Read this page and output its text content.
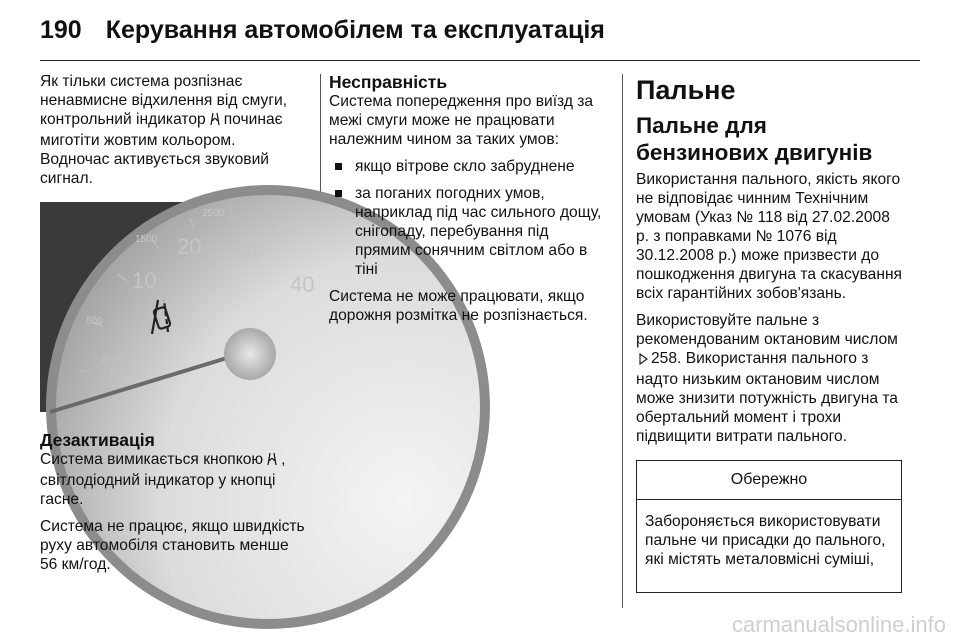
190 Керування автомобілем та експлуатація

Як тільки система розпізнає ненавмисне відхилення від смуги, контрольний індикатор починає миготіти жовтим кольором. Водночас активується звуковий сигнал.

10
20 30
40
500
1500
2500
3500
AUTO
STOP
4/4
Дезактивація

Система вимикається кнопкою , світлодіодний індикатор у кнопці гасне.

Система не працює, якщо швидкість руху автомобіля становить менше 56 км/год.

Несправність

Система попередження про виїзд за межі смуги може не працювати належним чином за таких умов:

якщо вітрове скло забруднене
за поганих погодних умов, наприклад під час сильного дощу, снігопаду, перебування під прямим сонячним світлом або в тіні

Система не може працювати, якщо дорожня розмітка не розпізнається.

Пальне
Пальне для бензинових двигунів

Використання пального, якість якого не відповідає чинним Технічним умовам (Указ № 118 від 27.02.2008 р. з поправками № 1076 від 30.12.2008 р.) може призвести до пошкодження двигуна та скасування всіх гарантійних зобов'язань.

Використовуйте пальне з рекомендованим октановим числом 258. Використання пального з надто низьким октановим числом може знизити потужність двигуна та обертальний момент і трохи підвищити витрати пального.

Обережно

Забороняється використовувати пальне чи присадки до пального, які містять металовмісні суміші,

carmanualsonline.info
